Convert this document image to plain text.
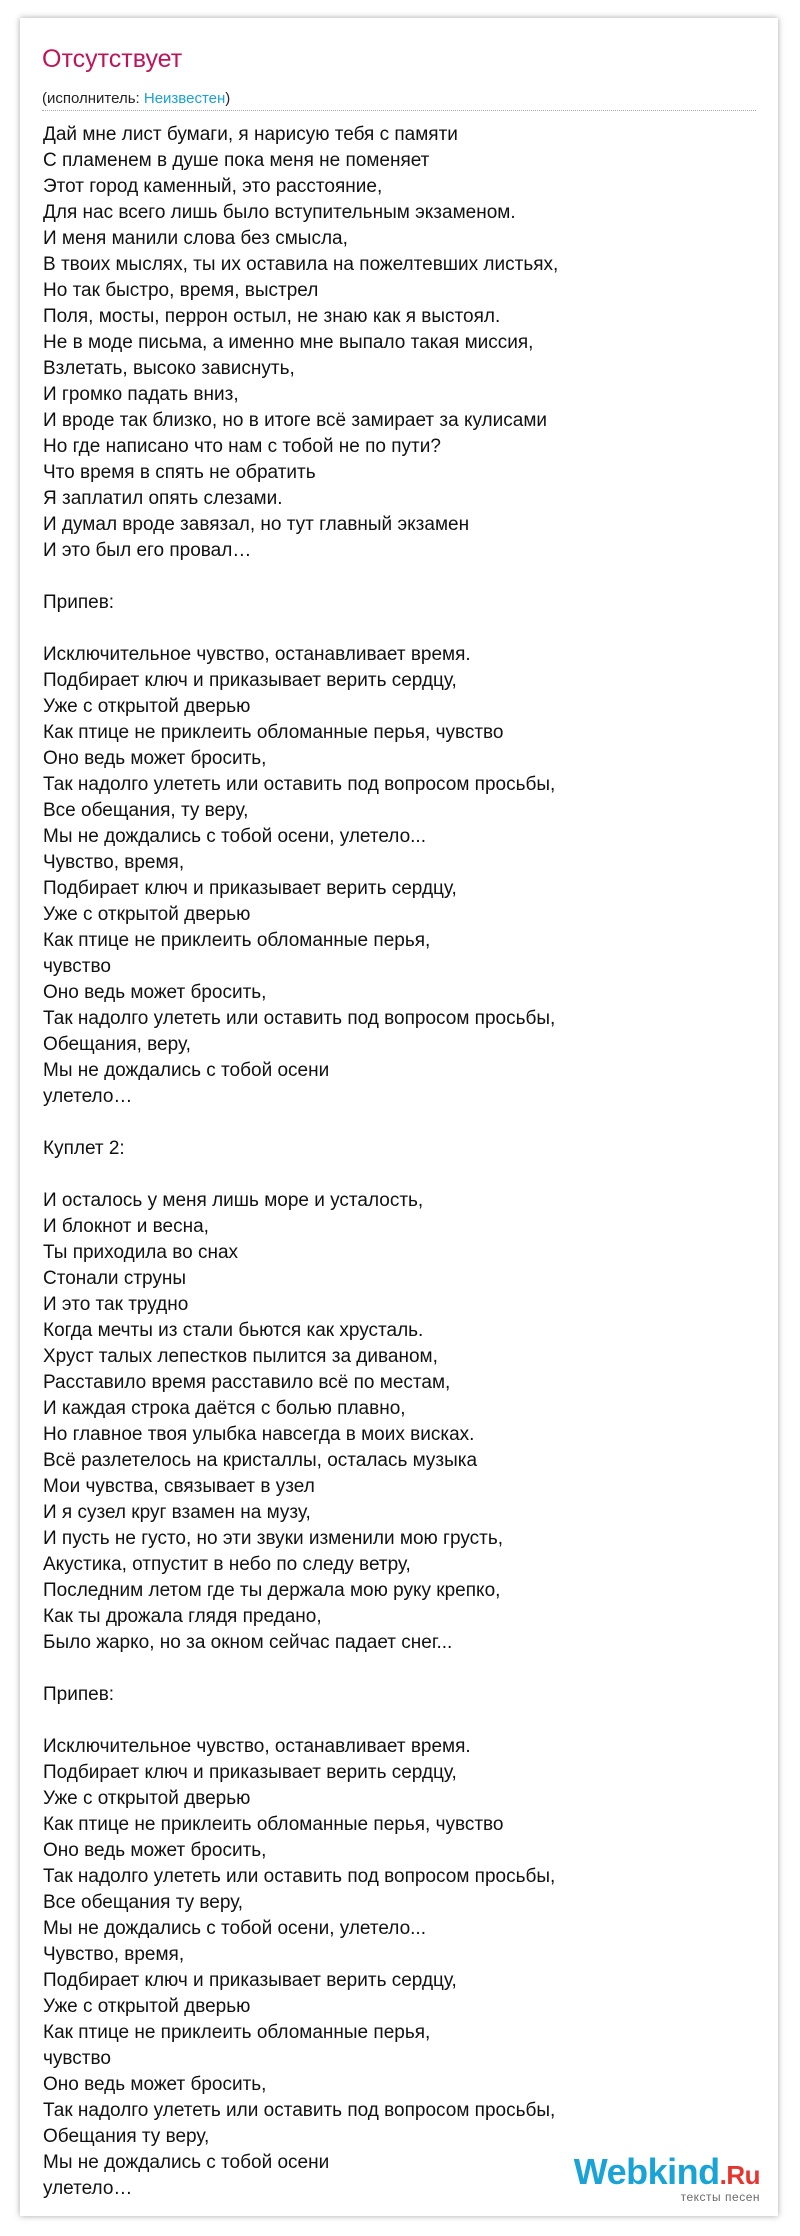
Отсутствует
(исполнитель: Неизвестен)
Дай мне лист бумаги, я нарисую тебя с памяти
С пламенем в душе пока меня не поменяет
Этот город каменный, это расстояние,
Для нас всего лишь было вступительным экзаменом.
И меня манили слова без смысла,
В твоих мыслях, ты их оставила на пожелтевших листьях,
Но так быстро, время, выстрел
Поля, мосты, перрон остыл, не знаю как я выстоял.
Не в моде письма, а именно мне выпало такая миссия,
Взлетать, высоко зависнуть,
И громко падать вниз,
И вроде так близко, но в итоге всё замирает за кулисами
Но где написано что нам с тобой не по пути?
Что время в спять не обратить
Я заплатил опять слезами.
И думал вроде завязал, но тут главный экзамен
И это был его провал…

Припев:

Исключительное чувство, останавливает время.
Подбирает ключ и приказывает верить сердцу,
Уже с открытой дверью
Как птице не приклеить обломанные перья, чувство
Оно ведь может бросить,
Так надолго улететь или оставить под вопросом просьбы,
Все обещания, ту веру,
Мы не дождались с тобой осени, улетело...
Чувство, время,
Подбирает ключ и приказывает верить сердцу,
Уже с открытой дверью
Как птице не приклеить обломанные перья,
чувство
Оно ведь может бросить,
Так надолго улететь или оставить под вопросом просьбы,
Обещания, веру,
Мы не дождались с тобой осени
улетело…

Куплет 2:

И осталось у меня лишь море и усталость,
И блокнот и весна,
Ты приходила во снах
Стонали струны
И это так трудно
Когда мечты из стали бьются как хрусталь.
Хруст талых лепестков пылится за диваном,
Расставило время расставило всё по местам,
И каждая строка даётся с болью плавно,
Но главное твоя улыбка навсегда в моих висках.
Всё разлетелось на кристаллы, осталась музыка
Мои чувства, связывает в узел
И я сузел круг взамен на музу,
И пусть не густо, но эти звуки изменили мою грусть,
Акустика, отпустит в небо по следу ветру,
Последним летом где ты держала мою руку крепко,
Как ты дрожала глядя предано,
Было жарко, но за окном сейчас падает снег...

Припев:

Исключительное чувство, останавливает время.
Подбирает ключ и приказывает верить сердцу,
Уже с открытой дверью
Как птице не приклеить обломанные перья, чувство
Оно ведь может бросить,
Так надолго улететь или оставить под вопросом просьбы,
Все обещания ту веру,
Мы не дождались с тобой осени, улетело...
Чувство, время,
Подбирает ключ и приказывает верить сердцу,
Уже с открытой дверью
Как птице не приклеить обломанные перья,
чувство
Оно ведь может бросить,
Так надолго улететь или оставить под вопросом просьбы,
Обещания ту веру,
Мы не дождались с тобой осени
улетело…	Webkind.Ru
тексты песен
